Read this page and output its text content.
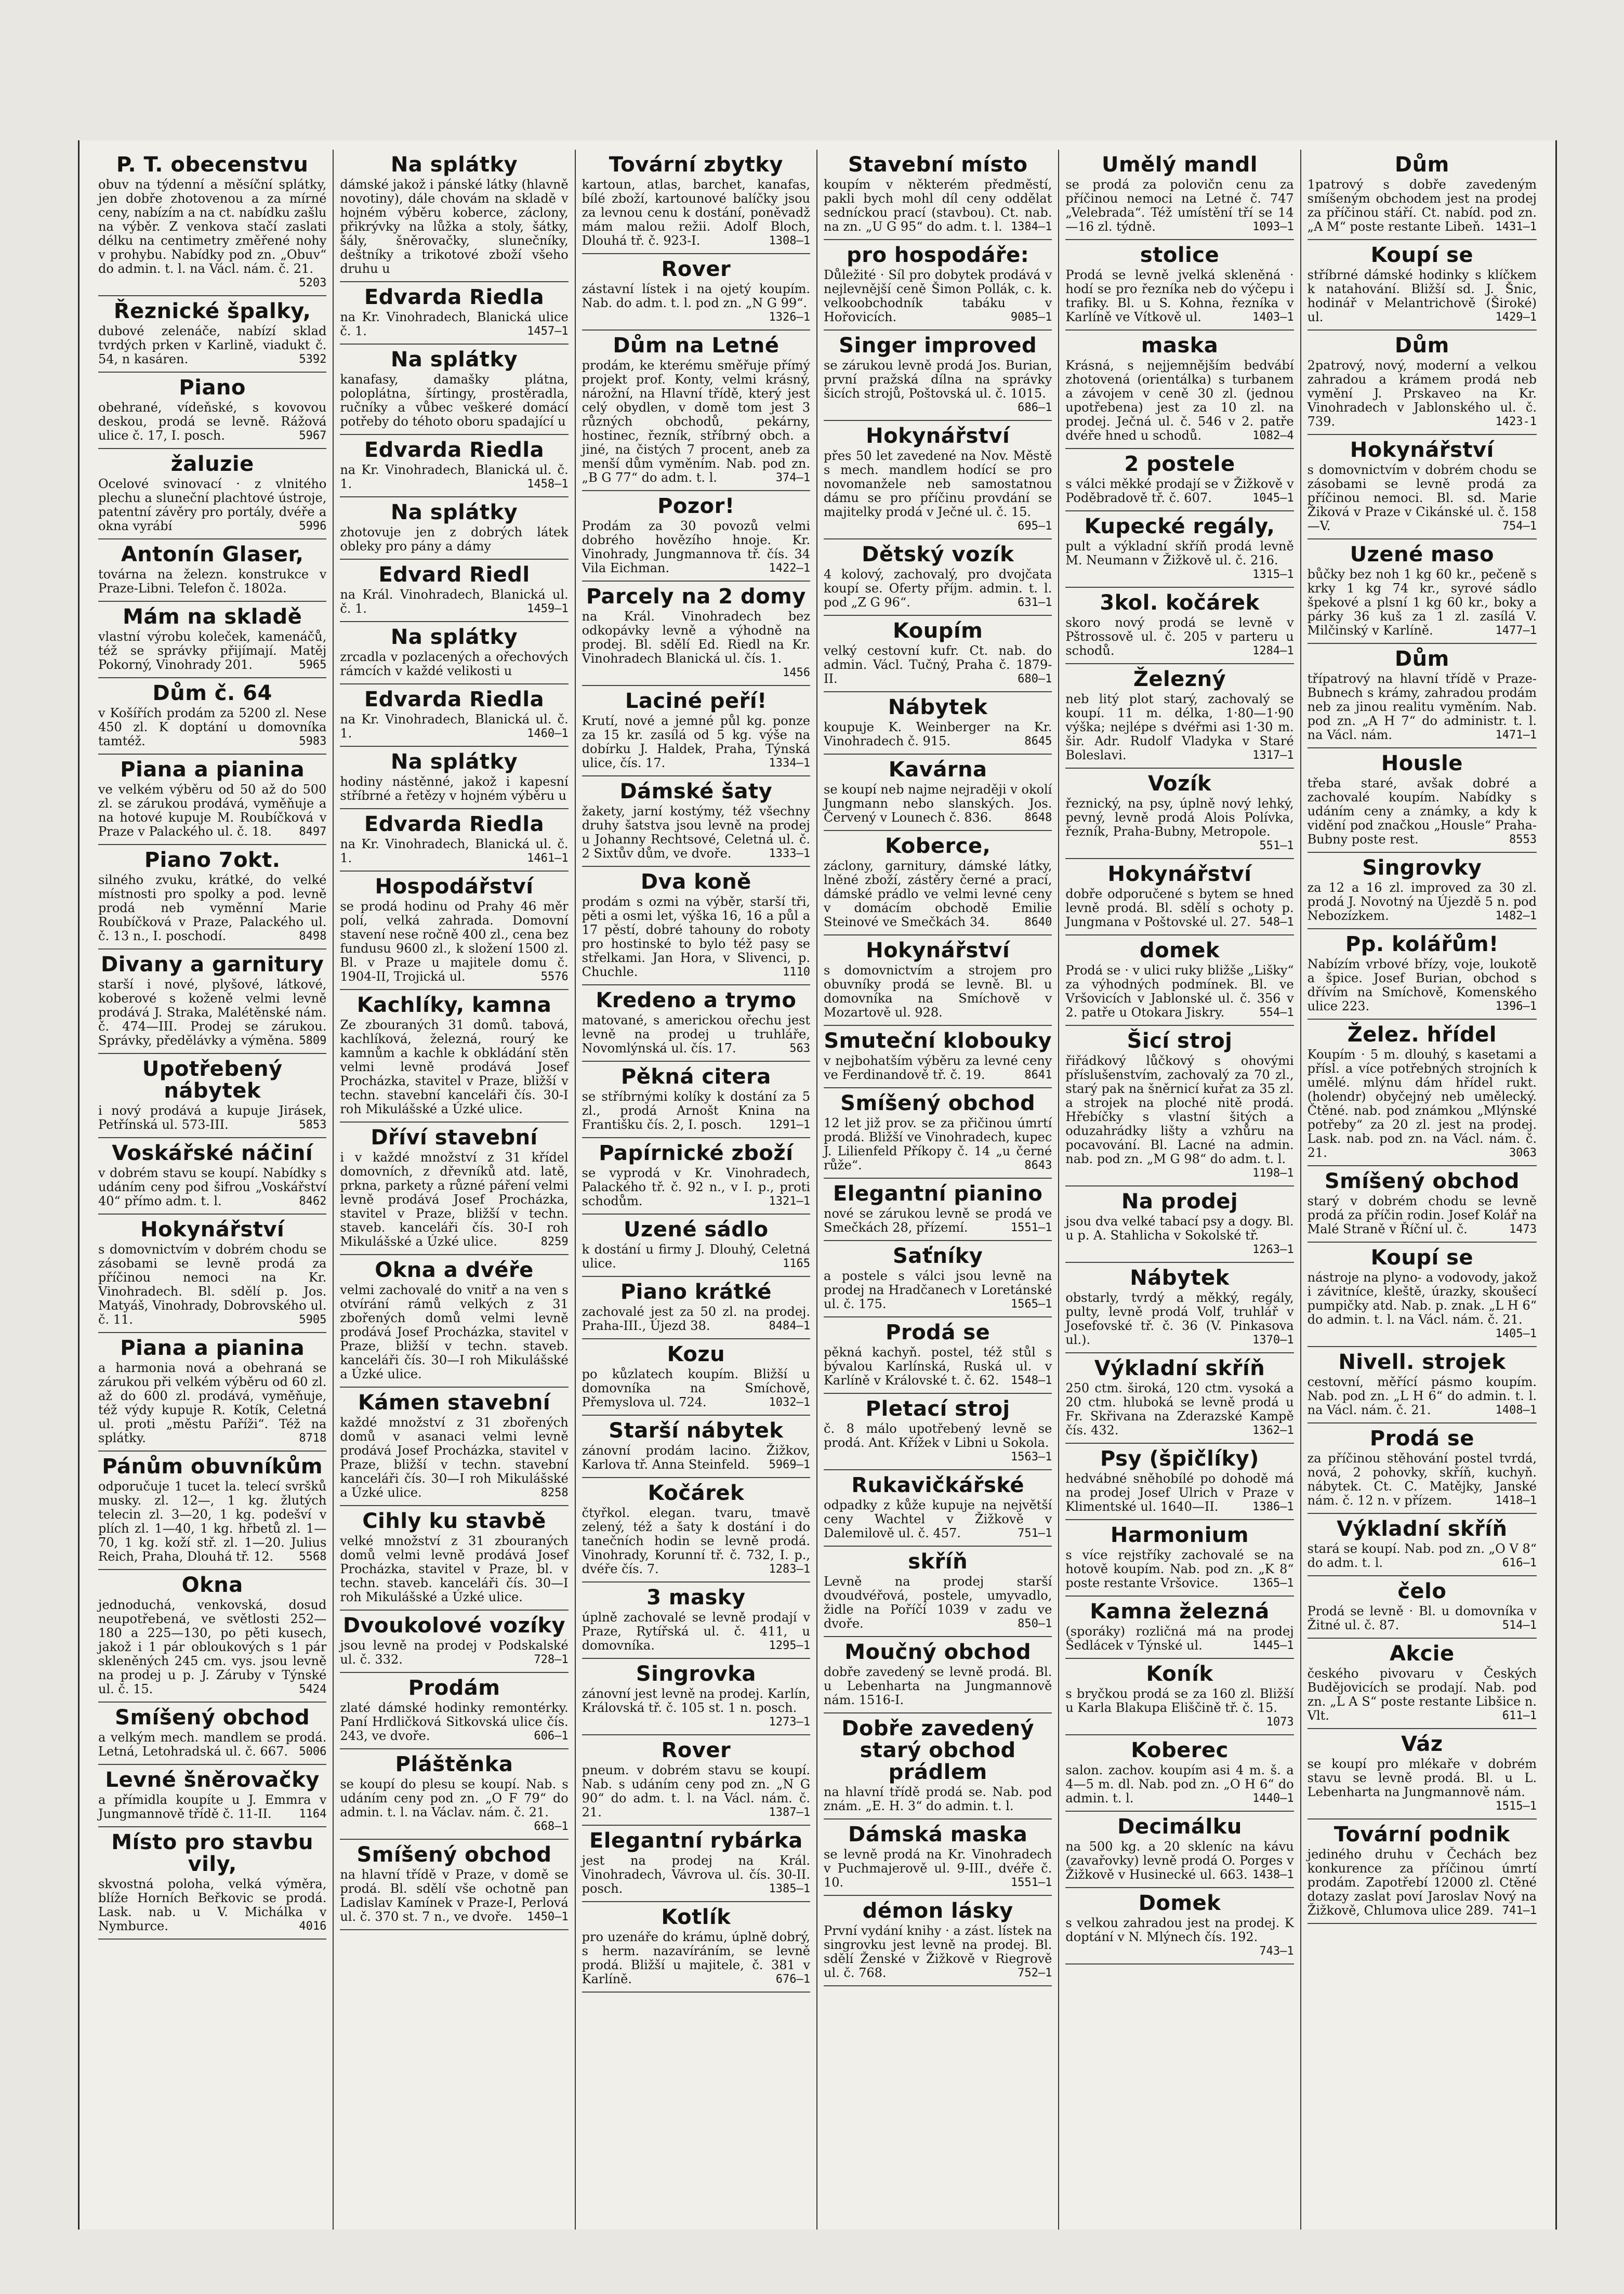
P. T. obecenstvu

obuv na týdenní a měsíční splátky, jen dobře zhotovenou a za mírné ceny, nabízím a na ct. nabídku zašlu na výběr. Z venkova stačí zaslati délku na centimetry změřené nohy v prohybu. Nabídky pod zn. „Obuv“ do admin. t. l. na Václ. nám. č. 21.
5203

Řeznické špalky,

dubové zelenáče, nabízí sklad tvrdých prken v Karlině, viadukt č. 54, n kasáren.	5392

Piano

obehrané, vídeňské, s kovovou deskou, prodá se levně. Rážová ulice č. 17, I. posch.	5967

žaluzie

Ocelové svinovací · z vlnitého plechu a sluneční plachtové ústroje, patentní závěry pro portály, dvéře a okna vyrábí	5996

Antonín Glaser,

továrna na železn. konstrukce v Praze-Libni. Telefon č. 1802a.

Mám na skladě

vlastní výrobu koleček, kamenáčů, též se správky přijímají. Matěj Pokorný, Vinohrady 201.	5965

Dům č. 64

v Košířích prodám za 5200 zl. Nese 450 zl. K doptání u domovníka tamtéž.	5983

Piana a pianina

ve velkém výběru od 50 až do 500 zl. se zárukou prodává, vyměňuje a na hotové kupuje M. Roubíčková v Praze v Palackého ul. č. 18. 8497

Piano 7okt.

silného zvuku, krátké, do velké místnosti pro spolky a pod. levně prodá neb vyměnní Marie Roubíčková v Praze, Palackého ul. č. 13 n., I. poschodí.	8498

Divany a garnitury

starší i nové, plyšové, látkové, koberové s koženě velmi levně prodává J. Straka, Malétěnské nám. č. 474—III. Prodej se zárukou. Správky, předělávky a výměna. 5809

Upotřebený nábytek

i nový prodává a kupuje Jirásek, Petřínská ul. 573-III.	5853

Voskářské náčiní

v dobrém stavu se koupí. Nabídky s udáním ceny pod šifrou „Voskářství 40“ přímo adm. t. l.	8462

Hokynářství

s domovnictvím v dobrém chodu se zásobami se levně prodá za příčinou nemoci na Kr. Vinohradech. Bl. sdělí p. Jos. Matyáš, Vinohrady, Dobrovského ul. č. 11.	5905

Piana a pianina

a harmonia nová a obehraná se zárukou při velkém výběru od 60 zl. až do 600 zl. prodává, vyměňuje, též výdy kupuje R. Kotík, Celetná ul. proti „městu Paříži“. Též na splátky.	8718

Pánům obuvníkům

odporučuje 1 tucet la. telecí svršků musky. zl. 12—, 1 kg. žlutých telecin zl. 3—20, 1 kg. podešví v plích zl. 1—40, 1 kg. hřbetů zl. 1—70, 1 kg. koží stř. zl. 1—20. Julius Reich, Praha, Dlouhá tř. 12. 5568

Okna

jednoduchá, venkovská, dosud neupotřebená, ve světlosti 252—180 a 225—130, po pěti kusech, jakož i 1 pár obloukových s 1 pár skleněných 245 cm. vys. jsou levně na prodej u p. J. Záruby v Týnské ul. č. 15.	5424

Smíšený obchod

a velkým mech. mandlem se prodá. Letná, Letohradská ul. č. 667. 5006

Levné šněrovačky

a přímidla koupíte u J. Emmra v Jungmannově třídě č. 11-II. 1164

Místo pro stavbu vily,

skvostná poloha, velká výměra, blíže Horních Beřkovic se prodá. Lask. nab. u V. Michálka v Nymburce.	4016

Na splátky

dámské jakož i pánské látky (hlavně novotiny), dále chovám na skladě v hojném výběru koberce, záclony, přikrývky na lůžka a stoly, šátky, šály, šněrovačky, slunečníky, deštníky a trikotové zboží všeho druhu u

Edvarda Riedla

na Kr. Vinohradech, Blanická ulice č. 1.	1457—1

Na splátky

kanafasy, damašky plátna, poloplátna, šírtingy, prostěradla, ručníky a vůbec veškeré domácí potřeby do téhoto oboru spadající u

Edvarda Riedla

na Kr. Vinohradech, Blanická ul. č. 1.	1458—1

Na splátky

zhotovuje jen z dobrých látek obleky pro pány a dámy

Edvard Riedl

na Král. Vinohradech, Blanická ul. č. 1.	1459—1

Na splátky

zrcadla v pozlacených a ořechových rámcích v každé velikosti u

Edvarda Riedla

na Kr. Vinohradech, Blanická ul. č. 1.	1460—1

Na splátky

hodiny nástěnné, jakož i kapesní stříbrné a řetězy v hojném výběru u

Edvarda Riedla

na Kr. Vinohradech, Blanická ul. č. 1.	1461—1

Hospodářství

se prodá hodinu od Prahy 46 měr polí, velká zahrada. Domovní stavení nese ročně 400 zl., cena bez fundusu 9600 zl., k složení 1500 zl. Bl. v Praze u majitele domu č. 1904-II, Trojická ul.	5576

Kachlíky, kamna

Ze zbouraných 31 domů. tabová, kachlíková, železná, rourý ke kamnům a kachle k obkládání stěn velmi levně prodává Josef Procházka, stavitel v Praze, bližší v techn. stavební kanceláři čís. 30-I roh Mikulášské a Úzké ulice.

Dříví stavební

i v každé množství z 31 křídel domovních, z dřevníků atd. latě, prkna, parkety a různé páření velmi levně prodává Josef Procházka, stavitel v Praze, bližší v techn. staveb. kanceláři čís. 30-I roh Mikulášské a Úzké ulice.	8259

Okna a dvéře

velmi zachovalé do vnitř a na ven s otvírání rámů velkých z 31 zbořených domů velmi levně prodává Josef Procházka, stavitel v Praze, bližší v techn. staveb. kanceláři čís. 30—I roh Mikulášské a Úzké ulice.

Kámen stavební

každé množství z 31 zbořených domů v asanaci velmi levně prodává Josef Procházka, stavitel v Praze, bližší v techn. stavební kanceláři čís. 30—I roh Mikulášské a Úzké ulice.	8258

Cihly ku stavbě

velké množství z 31 zbouraných domů velmi levně prodává Josef Procházka, stavitel v Praze, bl. v techn. staveb. kanceláři čís. 30—I roh Mikulášské a Úzké ulice.

Dvoukolové vozíky

jsou levně na prodej v Podskalské ul. č. 332.	728—1

Prodám

zlaté dámské hodinky remontérky. Paní Hrdličková Sitkovská ulice čís. 243, ve dvoře.	606—1

Pláštěnka

se koupí do plesu se koupí. Nab. s udáním ceny pod zn. „O F 79“ do admin. t. l. na Václav. nám. č. 21.
668—1

Smíšený obchod

na hlavní třídě v Praze, v domě se prodá. Bl. sdělí vše ochotně pan Ladislav Kamínek v Praze-I, Perlová ul. č. 370 st. 7 n., ve dvoře. 1450—1

Tovární zbytky

kartoun, atlas, barchet, kanafas, bílé zboží, kartounové balíčky jsou za levnou cenu k dostání, poněvadž mám malou režii. Adolf Bloch, Dlouhá tř. č. 923-I.	1308—1

Rover

zástavní lístek i na ojetý koupím. Nab. do adm. t. l. pod zn. „N G 99“.
1326—1

Dům na Letné

prodám, ke kterému směřuje přímý projekt prof. Konty, velmi krásný, nárožní, na Hlavní třídě, který jest celý obydlen, v domě tom jest 3 různých obchodů, pekárny, hostinec, řezník, stříbrný obch. a jiné, na čistých 7 procent, aneb za menší dům vyměním. Nab. pod zn. „B G 77“ do adm. t. l.	374—1

Pozor!

Prodám za 30 povozů velmi dobrého hovězího hnoje. Kr. Vinohrady, Jungmannova tř. čís. 34 Vila Eichman.	1422—1

Parcely na 2 domy

na Král. Vinohradech bez odkopávky levně a výhodně na prodej. Bl. sdělí Ed. Riedl na Kr. Vinohradech Blanická ul. čís. 1.
1456

Laciné peří!

Krutí, nové a jemné půl kg. ponze za 15 kr. zasílá od 5 kg. výše na dobírku J. Haldek, Praha, Týnská ulice, čís. 17.	1334—1

Dámské šaty

žakety, jarní kostýmy, též všechny druhy šatstva jsou levně na prodej u Johanny Rechtsové, Celetná ul. č. 2 Sixtův dům, ve dvoře.	1333—1

Dva koně

prodám s ozmi na výběr, starší tři, pěti a osmi let, výška 16, 16 a půl a 17 pěstí, dobré tahouny do roboty pro hostinské to bylo též pasy se střelkami. Jan Hora, v Slivenci, p. Chuchle.	1110

Kredeno a trymo

matované, s americkou ořechu jest levně na prodej u truhláře, Novomlýnská ul. čís. 17.	563

Pěkná citera

se stříbrnými kolíky k dostání za 5 zl., prodá Arnošt Knina na Františku čís. 2, I. posch. 1291—1

Papírnické zboží

se vyprodá v Kr. Vinohradech, Palackého tř. č. 92 n., v I. p., proti schodům.	1321—1

Uzené sádlo

k dostání u firmy J. Dlouhý, Celetná ulice.	1165

Piano krátké

zachovalé jest za 50 zl. na prodej. Praha-III., Újezd 38.	8484—1

Kozu

po kůzlatech koupím. Bližší u domovníka na Smíchově, Přemyslova ul. 724.	1032—1

Starší nábytek

zánovní prodám lacino. Žižkov, Karlova tř. Anna Steinfeld. 5969—1

Kočárek

čtyřkol. elegan. tvaru, tmavě zelený, též a šaty k dostání i do tanečních hodin se levně prodá. Vinohrady, Korunní tř. č. 732, I. p., dvéře čís. 7.	1283—1

3 masky

úplně zachovalé se levně prodají v Praze, Rytířská ul. č. 411, u domovníka.	1295—1

Singrovka

zánovní jest levně na prodej. Karlín, Královská tř. č. 105 st. 1 n. posch.
1273—1

Rover

pneum. v dobrém stavu se koupí. Nab. s udáním ceny pod zn. „N G 90“ do adm. t. l. na Václ. nám. č. 21.	1387—1

Elegantní rybárka

jest na prodej na Král. Vinohradech, Vávrova ul. čís. 30-II. posch.	1385—1

Kotlík

pro uzenáře do krámu, úplně dobrý, s herm. nazavíráním, se levně prodá. Bližší u majitele, č. 381 v Karlíně.	676—1

Stavební místo

koupím v některém předměstí, pakli bych mohl díl ceny oddělat sedníckou prací (stavbou). Ct. nab. na zn. „U G 95“ do adm. t. l. 1384—1

pro hospodáře:

Důležité · Síl pro dobytek prodává v nejlevnější ceně Šimon Pollák, c. k. velkoobchodník tabáku v Hořovicích.	9085—1

Singer improved

se zárukou levně prodá Jos. Burian, první pražská dílna na správky šicích strojů, Poštovská ul. č. 1015.
686—1

Hokynářství

přes 50 let zavedené na Nov. Městě s mech. mandlem hodící se pro novomanžele neb samostatnou dámu se pro příčinu provdání se majitelky prodá v Ječné ul. č. 15.
695—1

Dětský vozík

4 kolový, zachovalý, pro dvojčata koupí se. Oferty příjm. admin. t. l. pod „Z G 96“.	631—1

Koupím

velký cestovní kufr. Ct. nab. do admin. Václ. Tučný, Praha č. 1879-II.	680—1

Nábytek

koupuje K. Weinberger na Kr. Vinohradech č. 915.	8645

Kavárna

se koupí neb najme nejraději v okolí Jungmann nebo slanských. Jos. Červený v Lounech č. 836.	8648

Koberce,

záclony, garnitury, dámské látky, lněné zboží, zástěry černé a prací, dámské prádlo ve velmi levné ceny v domácím obchodě Emilie Steinové ve Smečkách 34.	8640

Hokynářství

s domovnictvím a strojem pro obuvníky prodá se levně. Bl. u domovníka na Smíchově v Mozartově ul. 928.

Smuteční klobouky

v nejbohatším výběru za levné ceny ve Ferdinandově tř. č. 19.	8641

Smíšený obchod

12 let již prov. se za přičinou úmrtí prodá. Bližší ve Vinohradech, kupec J. Lilienfeld Příkopy č. 14 „u černé růže“.	8643

Elegantní pianino

nové se zárukou levně se prodá ve Smečkách 28, přízemí.	1551—1

Saťníky

a postele s válci jsou levně na prodej na Hradčanech v Loretánské ul. č. 175.	1565—1

Prodá se

pěkná kachyň. postel, též stůl s bývalou Karlínská, Ruská ul. v Karlíně v Královské t. č. 62. 1548—1

Pletací stroj

č. 8 málo upotřebený levně se prodá. Ant. Křížek v Libni u Sokola.
1563—1

Rukavičkářské

odpadky z kůže kupuje na největší ceny Wachtel v Žižkově v Dalemilově ul. č. 457.	751—1

skříň

Levně na prodej starší dvoudvéřová, postele, umyvadlo, židle na Poříčí 1039 v zadu ve dvoře.	850—1

Moučný obchod

dobře zavedený se levně prodá. Bl. u Lebenharta na Jungmannově nám. 1516-I.

Dobře zavedený starý obchod prádlem

na hlavní třídě prodá se. Nab. pod znám. „E. H. 3“ do admin. t. l.

Dámská maska

se levně prodá na Kr. Vinohradech v Puchmajerově ul. 9-III., dvéře č. 10.	1551—1

démon lásky

První vydání knihy · a zást. lístek na singrovku jest levně na prodej. Bl. sdělí Ženské v Žižkově v Riegrově ul. č. 768.	752—1

Umělý mandl

se prodá za polovičn cenu za příčinou nemoci na Letné č. 747 „Velebrada“. Též umístění tří se 14—16 zl. týdně.	1093—1

stolice

Prodá se levně jvelká skleněná · hodí se pro řezníka neb do výčepu i trafiky. Bl. u S. Kohna, řezníka v Karlíně ve Vítkově ul.	1403—1

maska

Krásná, s nejjemnějším bedvábí zhotovená (orientálka) s turbanem a závojem v ceně 30 zl. (jednou upotřebena) jest za 10 zl. na prodej. Ječná ul. č. 546 v 2. patře dvéře hned u schodů.	1082—4

2 postele

s válci měkké prodají se v Žižkově v Poděbradově tř. č. 607.	1045—1

Kupecké regály,

pult a výkladní skříň prodá levně M. Neumann v Žižkově ul. č. 216.
1315—1

3kol. kočárek

skoro nový prodá se levně v Pštrossově ul. č. 205 v parteru u schodů.	1284—1

Železný

neb litý plot starý, zachovalý se koupí. 11 m. délka, 1·80—1·90 výška; nejlépe s dvéřmi asi 1·30 m. šir. Adr. Rudolf Vladyka v Staré Boleslavi.	1317—1

Vozík

řeznický, na psy, úplně nový lehký, pevný, levně prodá Alois Polívka, řezník, Praha-Bubny, Metropole.
551—1

Hokynářství

dobře odporučené s bytem se hned levně prodá. Bl. sdělí s ochoty p. Jungmana v Poštovské ul. 27. 548—1

domek

Prodá se · v ulici ruky bližše „Lišky“ za výhodných podmínek. Bl. ve Vršovicích v Jablonské ul. č. 356 v 2. patře u Otokara Jiskry.	554—1

Šicí stroj

řiřádkový lůčkový s ohovými příslušenstvím, zachovalý za 70 zl., starý pak na šněrnicí kuřat za 35 zl. a strojek na ploché nitě prodá. Hřebíčky s vlastní šitých a oduzahrádky lišty a vzhůru na pocavování. Bl. Lacné na admin. nab. pod zn. „M G 98“ do adm. t. l.
1198—1

Na prodej

jsou dva velké tabací psy a dogy. Bl. u p. A. Stahlicha v Sokolské tř.
1263—1

Nábytek

obstarly, tvrdý a měkký, regály, pulty, levně prodá Volf, truhlář v Josefovské tř. č. 36 (V. Pinkasova ul.).	1370—1

Výkladní skříň

250 ctm. široká, 120 ctm. vysoká a 20 ctm. hluboká se levně prodá u Fr. Skřivana na Zderazské Kampě čís. 432.	1362—1

Psy (špičlíky)

hedvábné sněhobílé po dohodě má na prodej Josef Ulrich v Praze v Klimentské ul. 1640—II.	1386—1

Harmonium

s více rejstříky zachovalé se na hotově koupím. Nab. pod zn. „K 8“ poste restante Vršovice.	1365—1

Kamna železná

(sporáky) rozličná má na prodej Šedlácek v Týnské ul.	1445—1

Koník

s bryčkou prodá se za 160 zl. Bližší u Karla Blakupa Eliščině tř. č. 15.
1073

Koberec

salon. zachov. koupím asi 4 m. š. a 4—5 m. dl. Nab. pod zn. „O H 6“ do admin. t. l.	1440—1

Decimálku

na 500 kg. a 20 skleníc na kávu (zavařovky) levně prodá O. Porges v Žižkově v Husinecké ul. 663. 1438—1

Domek

s velkou zahradou jest na prodej. K doptání v N. Mlýnech čís. 192.
743—1

Dům

1patrový s dobře zavedeným smíšeným obchodem jest na prodej za příčinou stáří. Ct. nabíd. pod zn. „A M“ poste restante Libeň. 1431—1

Koupí se

stříbrné dámské hodinky s klíčkem k natahování. Bližší sd. J. Šnic, hodinář v Melantrichově (Široké) ul.	1429—1

Dům

2patrový, nový, moderní a velkou zahradou a krámem prodá neb vymění J. Prskaveo na Kr. Vinohradech v Jablonského ul. č. 739.	1423-1

Hokynářství

s domovnictvím v dobrém chodu se zásobami se levně prodá za příčinou nemoci. Bl. sd. Marie Žiková v Praze v Cikánské ul. č. 158—V.	754—1

Uzené maso

bůčky bez noh 1 kg 60 kr., pečeně s krky 1 kg 74 kr., syrové sádlo špekové a plsní 1 kg 60 kr., boky a párky 36 kuš za 1 zl. zasílá V. Milčinský v Karlíně.	1477—1

Dům

třípatrový na hlavní třídě v Praze-Bubnech s krámy, zahradou prodám neb za jinou realitu vyměním. Nab. pod zn. „A H 7“ do administr. t. l. na Václ. nám.	1471—1

Housle

třeba staré, avšak dobré a zachovalé koupím. Nabídky s udáním ceny a známky, a kdy k vidění pod značkou „Housle“ Praha-Bubny poste rest.	8553

Singrovky

za 12 a 16 zl. improved za 30 zl. prodá J. Novotný na Újezdě 5 n. pod Nebozízkem.	1482—1

Pp. kolářům!

Nabízím vrbové břízy, voje, loukotě a špice. Josef Burian, obchod s dřívím na Smíchově, Komenského ulice 223.	1396—1

Želez. hřídel

Koupím · 5 m. dlouhý, s kasetami a přísl. a více potřebných strojních k umělé. mlýnu dám hřídel rukt. (holendr) obyčejný neb umělecký. Čtěné. nab. pod známkou „Mlýnské potřeby“ za 20 zl. jest na prodej. Lask. nab. pod zn. na Václ. nám. č. 21.	3063

Smíšený obchod

starý v dobrém chodu se levně prodá za příčin rodin. Josef Kolář na Malé Straně v Říční ul. č.	1473

Koupí se

nástroje na plyno- a vodovody, jakož i závitníce, kleště, úrazky, skoušecí pumpičky atd. Nab. p. znak. „L H 6“ do admin. t. l. na Václ. nám. č. 21.
1405—1

Nivell. strojek

cestovní, měřící pásmo koupím. Nab. pod zn. „L H 6“ do admin. t. l. na Václ. nám. č. 21.	1408—1

Prodá se

za příčinou stěhování postel tvrdá, nová, 2 pohovky, skříň, kuchyň. nábytek. Ct. C. Matějky, Janské nám. č. 12 n. v přízem.	1418—1

Výkladní skříň

stará se koupí. Nab. pod zn. „O V 8“ do adm. t. l.	616—1

čelo

Prodá se levně · Bl. u domovníka v Žitné ul. č. 87.	514—1

Akcie

českého pivovaru v Českých Budějovicích se prodají. Nab. pod zn. „L A S“ poste restante Libšice n. Vlt.	611—1

Váz

se koupí pro mlékaře v dobrém stavu se levně prodá. Bl. u L. Lebenharta na Jungmannově nám.
1515—1

Tovární podnik

jediného druhu v Čechách bez konkurence za příčinou úmrtí prodám. Zapotřebí 12000 zl. Ctěné dotazy zaslat poví Jaroslav Nový na Žižkově, Chlumova ulice 289. 741—1
